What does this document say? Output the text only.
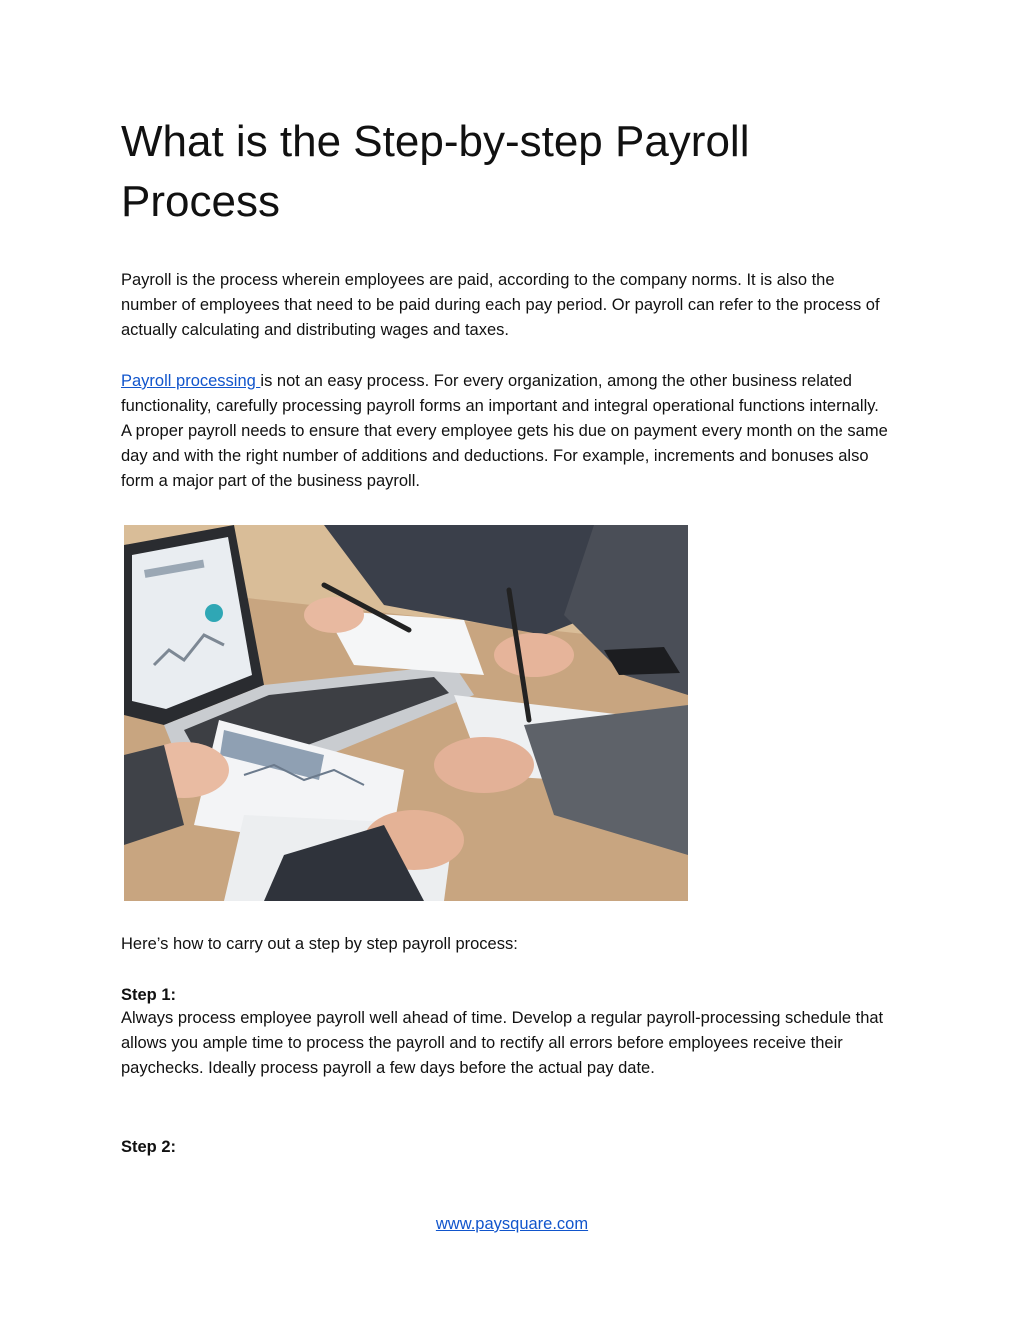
What is the Step-by-step Payroll Process

Payroll is the process wherein employees are paid, according to the company norms. It is also the number of employees that need to be paid during each pay period. Or payroll can refer to the process of actually calculating and distributing wages and taxes.

Payroll processing is not an easy process. For every organization, among the other business related functionality, carefully processing payroll forms an important and integral operational functions internally. A proper payroll needs to ensure that every employee gets his due on payment every month on the same day and with the right number of additions and deductions. For example, increments and bonuses also form a major part of the business payroll.

Here’s how to carry out a step by step payroll process:

Step 1:

Always process employee payroll well ahead of time. Develop a regular payroll-processing schedule that allows you ample time to process the payroll and to rectify all errors before employees receive their paychecks. Ideally process payroll a few days before the actual pay date.

Step 2:

www.paysquare.com
